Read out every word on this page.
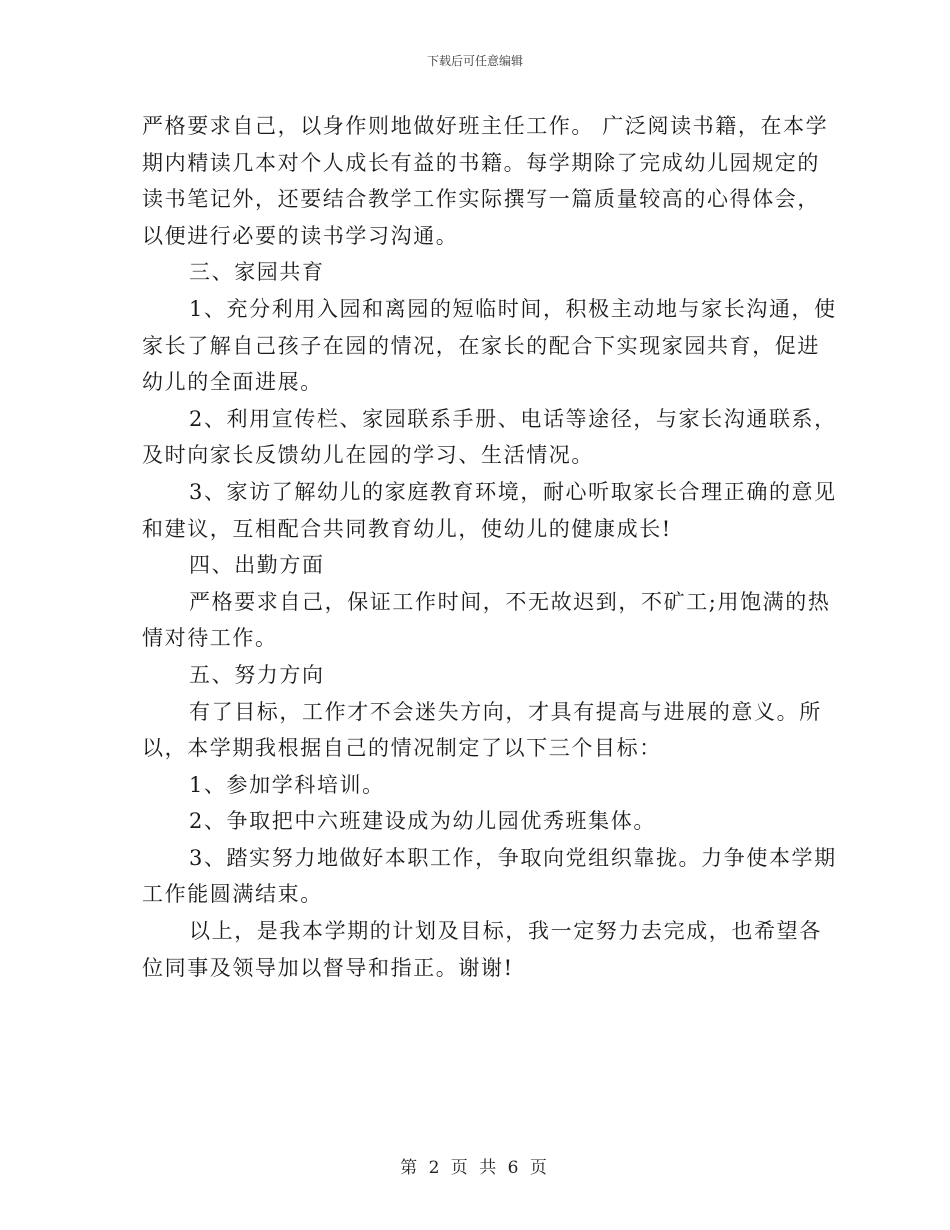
下载后可任意编辑

严格要求自己，以身作则地做好班主任工作。 广泛阅读书籍，在本学

期内精读几本对个人成长有益的书籍。每学期除了完成幼儿园规定的

读书笔记外，还要结合教学工作实际撰写一篇质量较高的心得体会，

以便进行必要的读书学习沟通。

三、家园共育

1、充分利用入园和离园的短临时间，积极主动地与家长沟通，使

家长了解自己孩子在园的情况，在家长的配合下实现家园共育，促进

幼儿的全面进展。

2、利用宣传栏、家园联系手册、电话等途径，与家长沟通联系，

及时向家长反馈幼儿在园的学习、生活情况。

3、家访了解幼儿的家庭教育环境，耐心听取家长合理正确的意见

和建议，互相配合共同教育幼儿，使幼儿的健康成长!

四、出勤方面

严格要求自己，保证工作时间，不无故迟到，不矿工;用饱满的热

情对待工作。

五、努力方向

有了目标，工作才不会迷失方向，才具有提高与进展的意义。所

以，本学期我根据自己的情况制定了以下三个目标：

1、参加学科培训。

2、争取把中六班建设成为幼儿园优秀班集体。

3、踏实努力地做好本职工作，争取向党组织靠拢。力争使本学期

工作能圆满结束。

以上，是我本学期的计划及目标，我一定努力去完成，也希望各

位同事及领导加以督导和指正。谢谢!

第 2 页 共 6 页
